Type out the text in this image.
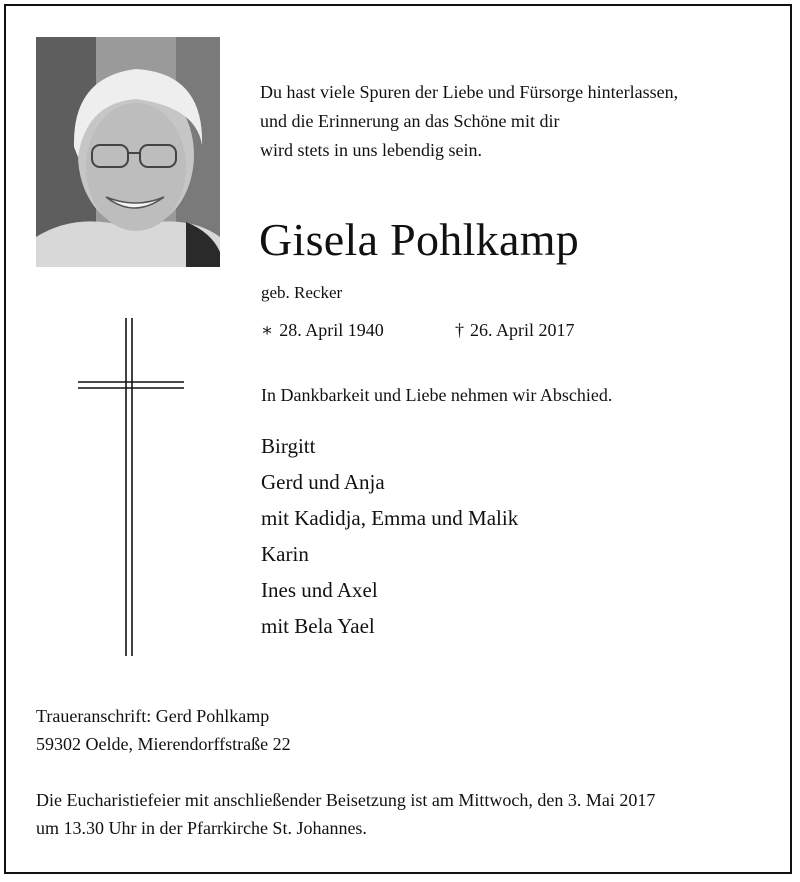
Du hast viele Spuren der Liebe und Fürsorge hinterlassen,
und die Erinnerung an das Schöne mit dir
wird stets in uns lebendig sein.
Gisela Pohlkamp
geb. Recker
∗ 28. April 1940	† 26. April 2017
In Dankbarkeit und Liebe nehmen wir Abschied.
Birgitt
Gerd und Anja
mit Kadidja, Emma und Malik
Karin
Ines und Axel
mit Bela Yael
Traueranschrift: Gerd Pohlkamp
59302 Oelde, Mierendorffstraße 22
Die Eucharistiefeier mit anschließender Beisetzung ist am Mittwoch, den 3. Mai 2017
um 13.30 Uhr in der Pfarrkirche St. Johannes.
